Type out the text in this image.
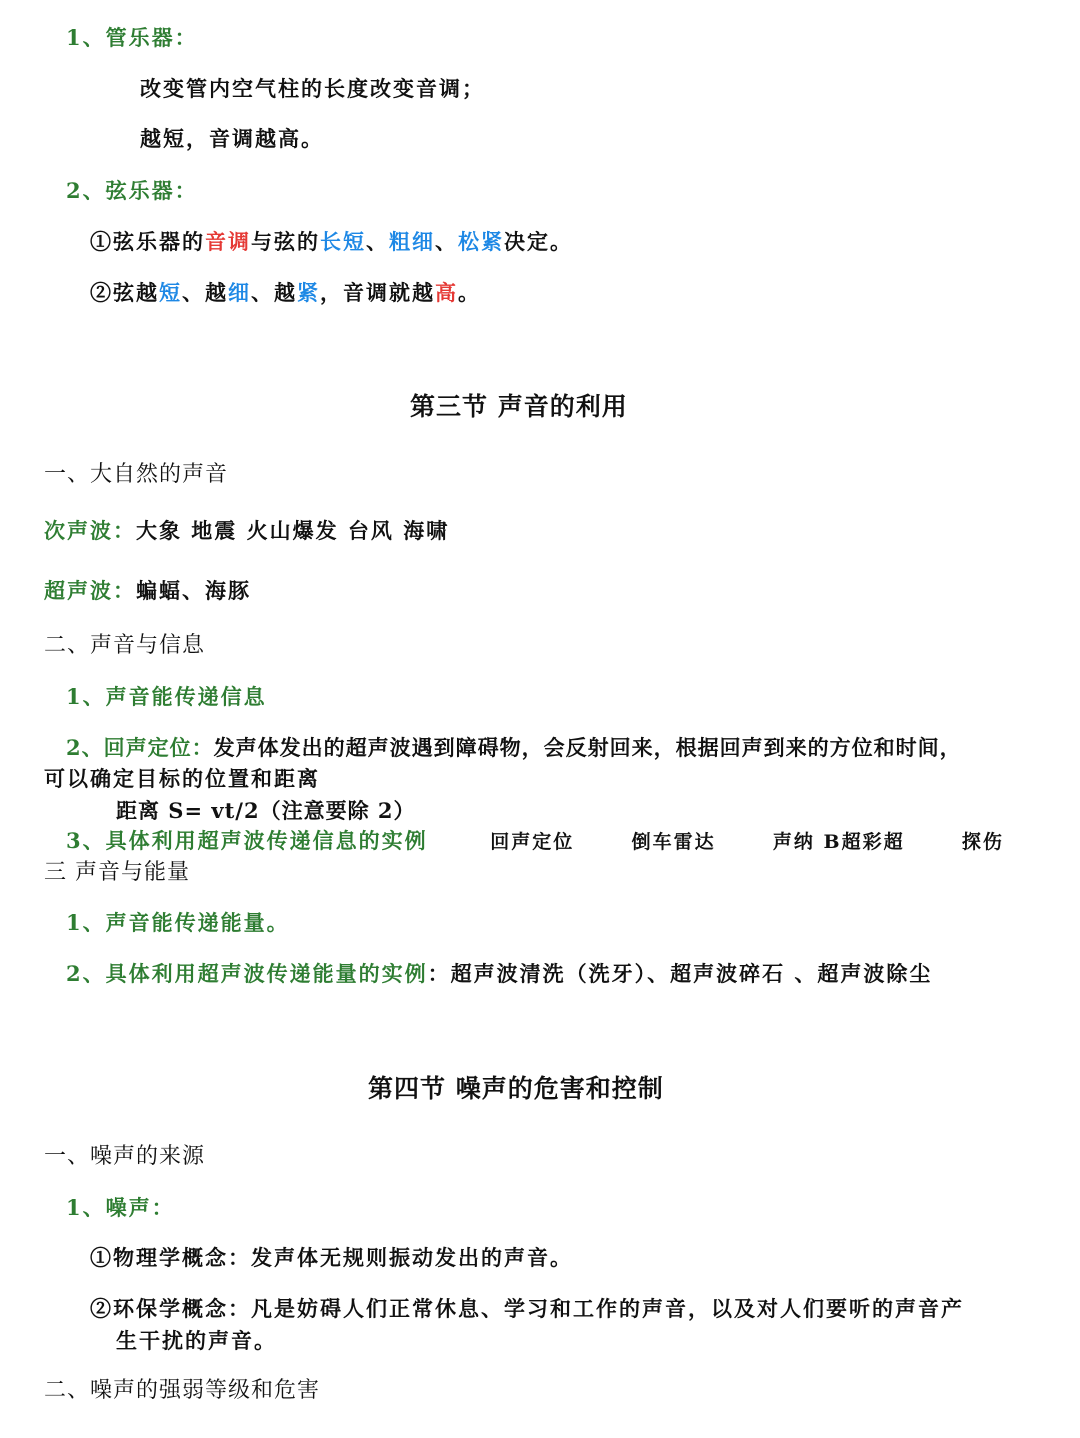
1、管乐器：
改变管内空气柱的长度改变音调；
越短，音调越高。
2、弦乐器：
①弦乐器的音调与弦的长短、粗细、松紧决定。
②弦越短、越细、越紧，音调就越高。
第三节 声音的利用
一、大自然的声音
次声波：大象 地震 火山爆发 台风 海啸
超声波：蝙蝠、海豚
二、声音与信息
1、声音能传递信息
2、回声定位：发声体发出的超声波遇到障碍物，会反射回来，根据回声到来的方位和时间，
可以确定目标的位置和距离
距离 S= vt/2（注意要除 2）
3、具体利用超声波传递信息的实例	回声定位	倒车雷达	声纳 B超彩超	探伤
三 声音与能量
1、声音能传递能量。
2、具体利用超声波传递能量的实例：超声波清洗（洗牙）、超声波碎石 、超声波除尘
第四节 噪声的危害和控制
一、噪声的来源
1、噪声：
①物理学概念：发声体无规则振动发出的声音。
②环保学概念：凡是妨碍人们正常休息、学习和工作的声音，以及对人们要听的声音产
生干扰的声音。
二、噪声的强弱等级和危害
